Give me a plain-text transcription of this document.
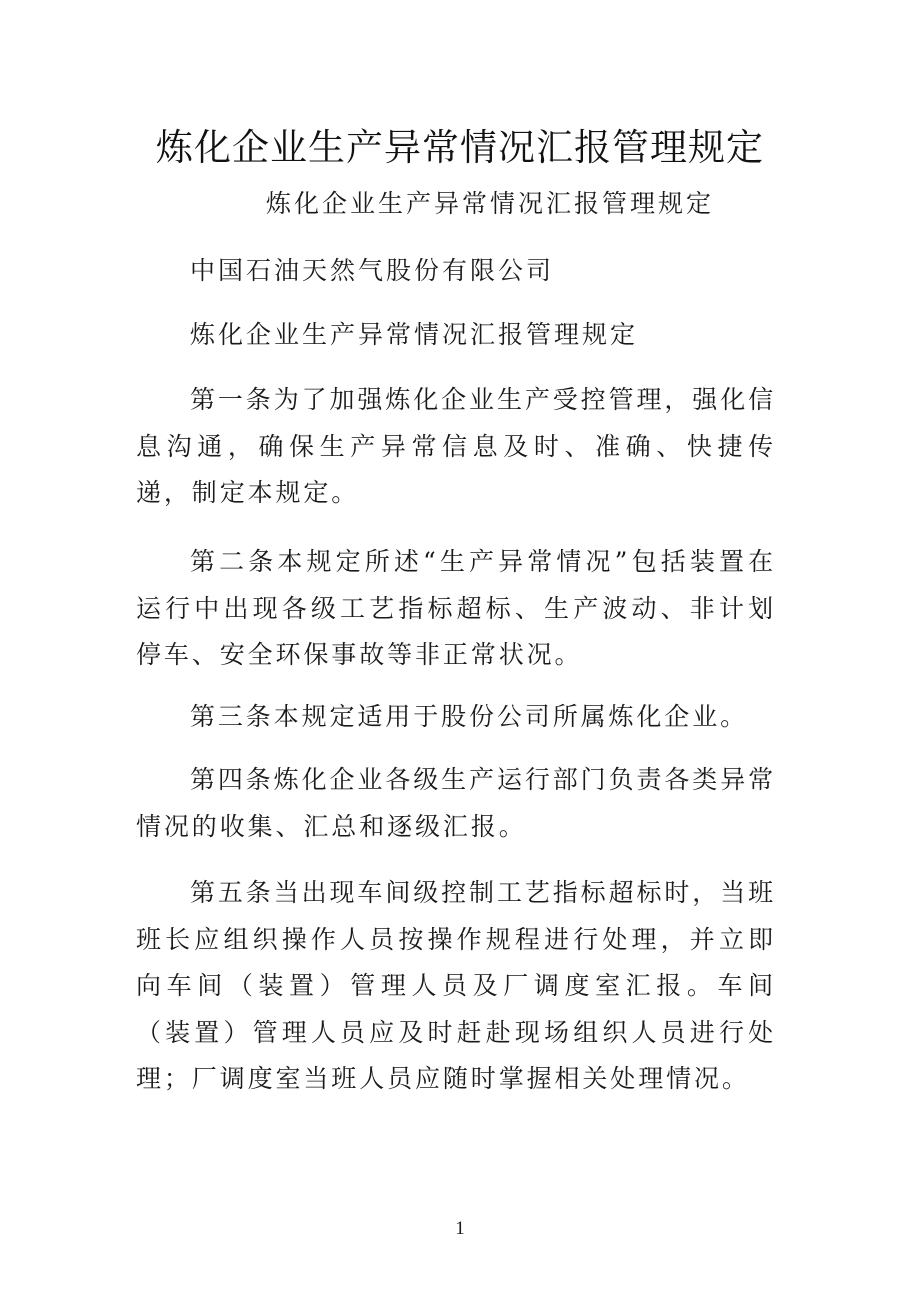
炼化企业生产异常情况汇报管理规定

炼化企业生产异常情况汇报管理规定

中国石油天然气股份有限公司

炼化企业生产异常情况汇报管理规定

第一条为了加强炼化企业生产受控管理，强化信息沟通，确保生产异常信息及时、准确、快捷传递，制定本规定。

第二条本规定所述“生产异常情况”包括装置在运行中出现各级工艺指标超标、生产波动、非计划停车、安全环保事故等非正常状况。

第三条本规定适用于股份公司所属炼化企业。

第四条炼化企业各级生产运行部门负责各类异常情况的收集、汇总和逐级汇报。

第五条当出现车间级控制工艺指标超标时，当班班长应组织操作人员按操作规程进行处理，并立即向车间（装置）管理人员及厂调度室汇报。车间（装置）管理人员应及时赶赴现场组织人员进行处理；厂调度室当班人员应随时掌握相关处理情况。

1
